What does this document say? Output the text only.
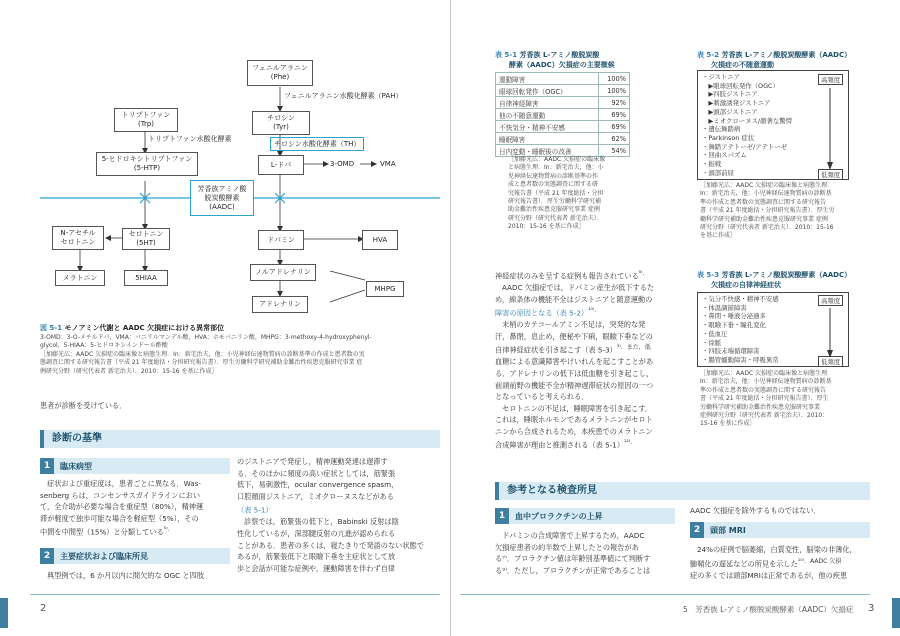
2	3
5　芳香族 L-アミノ酸脱炭酸酵素（AADC）欠損症
フェニルアラニン
(Phe)
フェニルアラニン水酸化酵素（PAH）
トリプトファン
(Trp)
チロシン
(Tyr)
トリプトファン水酸化酵素
チロシン水酸化酵素（TH）
5-ヒドロキシトリプトファン
(5-HTP)	L-ドパ	3-OMD	VMA
芳香族アミノ酸
脱炭酸酵素
(AADC)
N-アセチル
セロトニン
セロトニン
(5HT)	ドパミン	HVA
メラトニン	5HIAA
ノルアドレナリン
MHPG
アドレナリン
図 5-1 モノアミン代謝と AADC 欠損症における異常部位
3-OMD：3-O-メチルドパ，VMA：バニリルマンデル酸，HVA：ホモバニリン酸，MHPG：3-methoxy-4-hydroxyphenyl-
glycol，5-HIAA：5-ヒドロキシインドール酢酸
［加藤光広：AADC 欠損症の臨床像と病態生理．In：新宅治夫，他：小児神経伝達物質病の診断基準の作成と患者数の実
態調査に関する研究報告書（平成 21 年度総括・分担研究報告書）．厚生労働科学研究補助金難治性疾患克服研究事業 症
例研究分野（研究代表者 新宅治夫）．2010：15-16 を基に作成］
患者が診断を受けている．
診断の基準
1	臨床病型
症状および重症度は，患者ごとに異なる．Was-
senberg らは，コンセンサスガイドラインにおい
て，全介助が必要な場合を重症型（80%），精神運
滞が軽度で独歩可能な場合を軽症型（5%），その
中間を中間型（15%）と分類している$^{^{6)}.}$
2	主要症状および臨床所見
典型例では，6 か月以内に間欠的な OGC と四肢
のジストニアで発症し，精神運動発達は遅滞す
る．そのほかに頻度の高い症状としては，筋緊張
低下，易刺激性，ocular convergence spasm，
口腔顔面ジストニア，ミオクローヌスなどがある
（表 5-1）．
診察では，筋緊張の低下と，Babinski 反射は陰
性化しているが，深部腱反射の亢進が認められる
ことがある．患者の多くは，寝たきりで発語のない状態で
あるが，筋緊張低下と眼瞼下垂を主症状として放
歩と会話が可能な症例や，運動障害を伴わず自律
表 5-1 芳香族 L-アミノ酸脱炭酸
酵素（AADC）欠損症の主要徴候
運動障害	100%
眼球回転発作（OGC）	100%
自律神経障害	92%
他の不随意運動	69%
不快気分・精神不安感	69%
睡眠障害	62%
日内変動・睡眠後の改善	54%
［加藤光広：AADC 欠損症の臨床像
と病態生理．In：新宅治夫，他：小
児神経伝達物質病の診断基準の作
成と患者数の実態調査に関する研
究報告書（平成 21 年度総括・分担
研究報告書）．厚生労働科学研究補
助金難治性疾患克服研究事業 症例
研究分野（研究代表者 新宅治夫）．
2010：15-16 を基に作成］
表 5-2 芳香族 L-アミノ酸脱炭酸酵素（AADC）
欠損症の不随意運動
・ジストニア
　▶眼球回転発作（OGC）
　▶四肢ジストニア
　▶刺激誘発ジストニア
　▶頭部ジストニア
　▶ミオクローヌス/顔著な驚愕
・遺伝舞踏病
・Parkinson 症状
・舞踏アテトーゼ/アテトーゼ
・回曲スパズム
・振戦
・頭部前屈
高頻度
低頻度
［加藤光広：AADC 欠損症の臨床像と病態生理．
In：新宅治夫，他：小児神経伝達物質病の診断基
準の作成と患者数の実態調査に関する研究報告
書（平成 21 年度総括・分担研究報告書）．厚生労
働科学研究補助金難治性疾患克服研究事業 症例
研究分野（研究代表者 新宅治夫）．2010：15-16
を基に作成］
表 5-3 芳香族 L-アミノ酸脱炭酸酵素（AADC）
欠損症の自律神経症状
・気分不快感・精神不安感
・体温調節障害
・鼻閉・唾液分泌過多
・眼瞼下垂・瞳孔変化
・低血圧
・徐脈
・四肢末端循環障害
・腸管蠕動障害・呼吸異常
高頻度
低頻度
［加藤光広：AADC 欠損症の臨床像と病態生理．
In：新宅治夫，他：小児神経伝達物質病の診断基
準の作成と患者数の実態調査に関する研究報告
書（平成 21 年度総括・分担研究報告書）．厚生
労働科学研究補助金難治性疾患克服研究事業
症例研究分野（研究代表者 新宅治夫）．2010：
15-16 を基に作成］
神経症状のみを呈する症例も報告されている$^{^{8)}.}$
AADC 欠損症では，ドパミン産生が低下するた
め，線条体の機能不全はジストニアと随意運動の
障害の原因となる（表 5-2）$^{^{10)}.}$
末梢のカテコールアミン不足は，突発的な発
汗，鼻閉，息止め，便秘や下痢，眼瞼下垂などの
自律神経症状を引き起こす（表 5-3）$^{^{3)}.また,低}$
血糖による意識障害やけいれんを起こすことがあ
る．アドレナリンの低下は低血糖を引き起こし，
前頭前野の機能不全が精神遅滞症状の原因の一つ
となっていると考えられる．
セロトニンの不足は，睡眠障害を引き起こす．
これは，睡眠ホルモンであるメラトニンがセロト
ニンから合成されるため，本疾患でのメラトニン
合成障害が理由と推測される（表 5-1）$^{^{12)}.}$
参考となる検査所見
1	血中プロラクチンの上昇
ドパミンの合成障害で上昇するため，AADC
欠損症患者の約半数で上昇したとの報告があ
る⁷⁾．プロラクチン値は年齢別基準値にて判断す
る⁹⁾．ただし，プロラクチンが正常であることは
AADC 欠損症を除外するものではない．
2	頭部 MRI
24%の症例で脳萎縮，白質変性，脳梁の非薄化，
髄鞘化の遅延などの所見を示した$^{^{10)}.AADC 欠損}$
症の多くでは頭部MRIは正常であるが，他の疾患
